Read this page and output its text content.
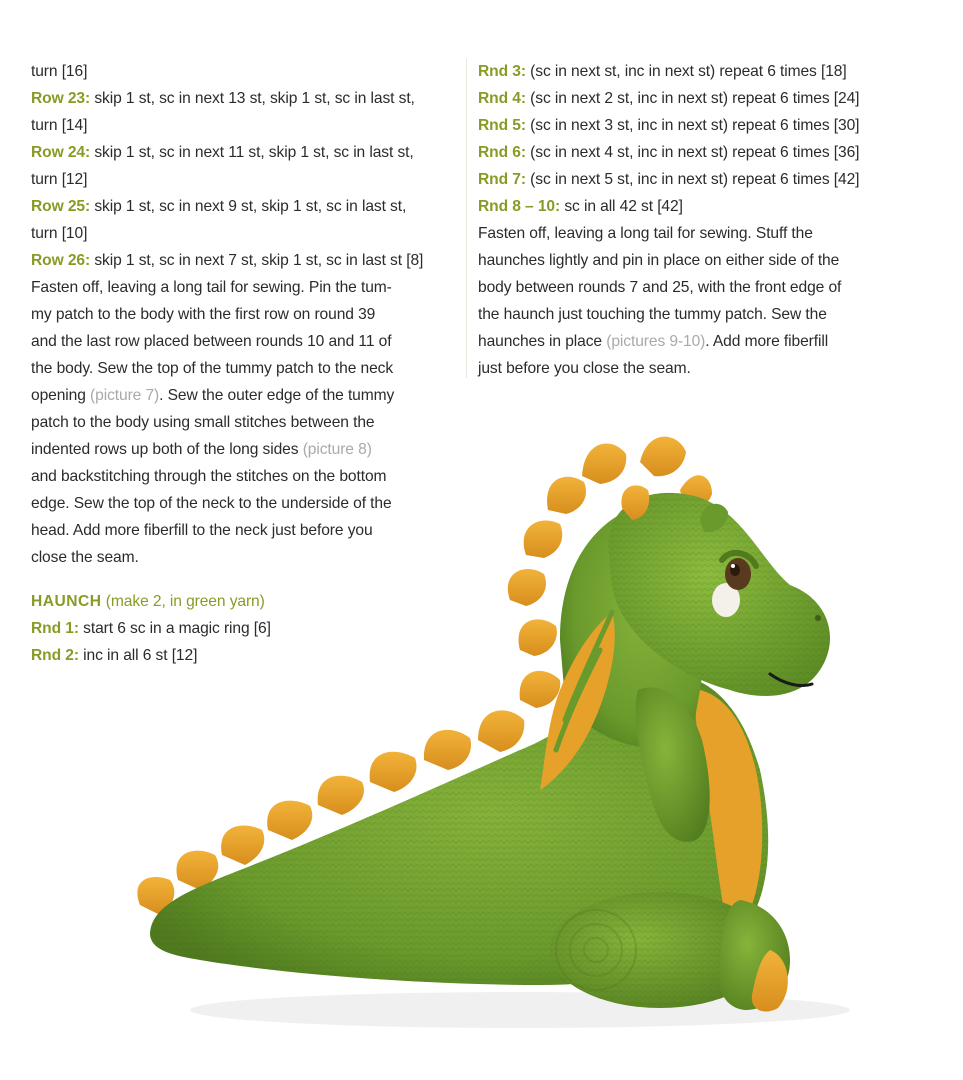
turn [16]
Row 23: skip 1 st, sc in next 13 st, skip 1 st, sc in last st,
turn [14]
Row 24: skip 1 st, sc in next 11 st, skip 1 st, sc in last st,
turn [12]
Row 25: skip 1 st, sc in next 9 st, skip 1 st, sc in last st,
turn [10]
Row 26: skip 1 st, sc in next 7 st, skip 1 st, sc in last st [8]
Fasten off, leaving a long tail for sewing. Pin the tum-
my patch to the body with the first row on round 39
and the last row placed between rounds 10 and 11 of
the body. Sew the top of the tummy patch to the neck
opening (picture 7). Sew the outer edge of the tummy
patch to the body using small stitches between the
indented rows up both of the long sides (picture 8)
and backstitching through the stitches on the bottom
edge. Sew the top of the neck to the underside of the
head. Add more fiberfill to the neck just before you
close the seam.
HAUNCH (make 2, in green yarn)
Rnd 1: start 6 sc in a magic ring [6]
Rnd 2: inc in all 6 st [12]
Rnd 3: (sc in next st, inc in next st) repeat 6 times [18]
Rnd 4: (sc in next 2 st, inc in next st) repeat 6 times [24]
Rnd 5: (sc in next 3 st, inc in next st) repeat 6 times [30]
Rnd 6: (sc in next 4 st, inc in next st) repeat 6 times [36]
Rnd 7: (sc in next 5 st, inc in next st) repeat 6 times [42]
Rnd 8 – 10: sc in all 42 st [42]
Fasten off, leaving a long tail for sewing. Stuff the
haunches lightly and pin in place on either side of the
body between rounds 7 and 25, with the front edge of
the haunch just touching the tummy patch. Sew the
haunches in place (pictures 9-10). Add more fiberfill
just before you close the seam.
